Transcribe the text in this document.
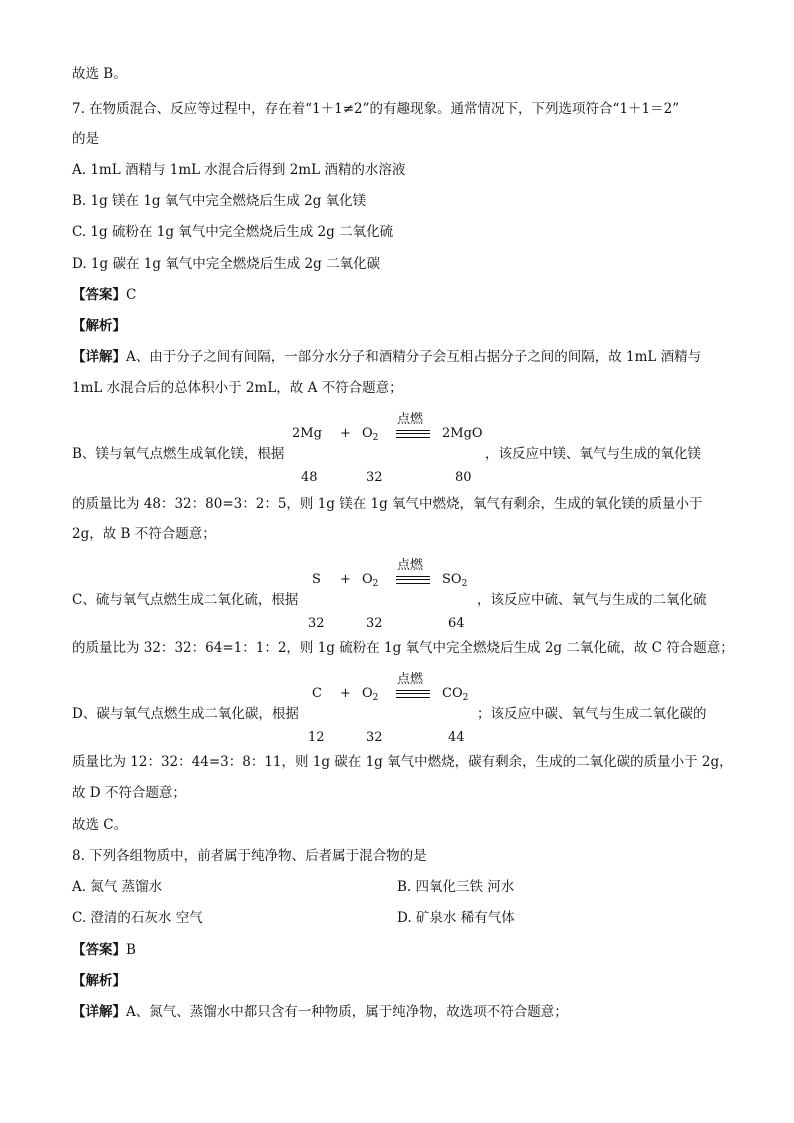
故选 B。
7. 在物质混合、反应等过程中，存在着“1＋1≠2”的有趣现象。通常情况下，下列选项符合“1＋1＝2”
的是
A. 1mL 酒精与 1mL 水混合后得到 2mL 酒精的水溶液
B. 1g 镁在 1g 氧气中完全燃烧后生成 2g 氧化镁
C. 1g 硫粉在 1g 氧气中完全燃烧后生成 2g 二氧化硫
D. 1g 碳在 1g 氧气中完全燃烧后生成 2g 二氧化碳
【答案】C
【解析】
【详解】A、由于分子之间有间隔，一部分水分子和酒精分子会互相占据分子之间的间隔，故 1mL 酒精与
1mL 水混合后的总体积小于 2mL，故 A 不符合题意；
B、镁与氧气点燃生成氧化镁，根据
$2Mg + O_2$
点燃
2MgO
，该反应中镁、氧气与生成的氧化镁
48	32	80
的质量比为 48：32：80=3：2：5，则 1g 镁在 1g 氧气中燃烧，氧气有剩余，生成的氧化镁的质量小于
2g，故 B 不符合题意；
C、硫与氧气点燃生成二氧化硫，根据
$S + O_2$
点燃
$SO_2$
，该反应中硫、氧气与生成的二氧化硫
32	32	64
的质量比为 32：32：64=1：1：2，则 1g 硫粉在 1g 氧气中完全燃烧后生成 2g 二氧化硫，故 C 符合题意；
D、碳与氧气点燃生成二氧化碳，根据
$C + O_2$
点燃
$CO_2$
；该反应中碳、氧气与生成二氧化碳的
12	32	44
质量比为 12：32：44=3：8：11，则 1g 碳在 1g 氧气中燃烧，碳有剩余，生成的二氧化碳的质量小于 2g，
故 D 不符合题意；
故选 C。
8. 下列各组物质中，前者属于纯净物、后者属于混合物的是
A. 氮气 蒸馏水	B. 四氧化三铁 河水
C. 澄清的石灰水 空气	D. 矿泉水 稀有气体
【答案】B
【解析】
【详解】A、氮气、蒸馏水中都只含有一种物质，属于纯净物，故选项不符合题意；
